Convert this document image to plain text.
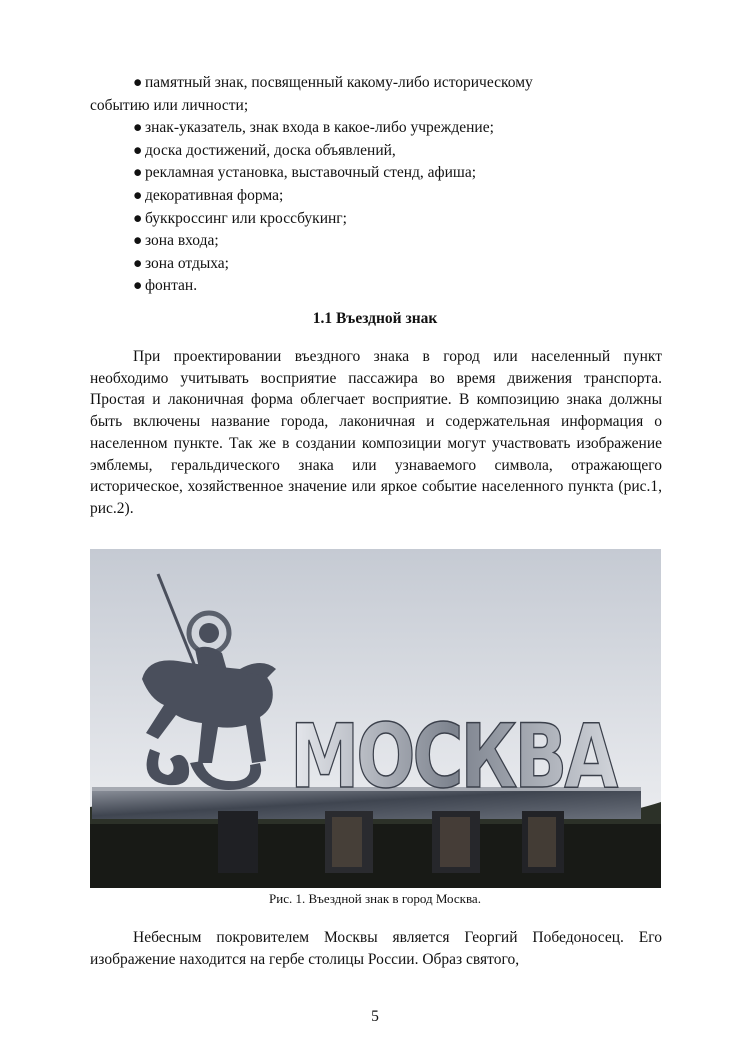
● памятный знак, посвященный какому-либо историческому
событию или личности;
● знак-указатель, знак входа в какое-либо учреждение;
● доска достижений, доска объявлений,
● рекламная установка, выставочный стенд, афиша;
● декоративная форма;
● буккроссинг или кроссбукинг;
● зона входа;
● зона отдыха;
● фонтан.
1.1 Въездной знак

При проектировании въездного знака в город или населенный пункт необходимо учитывать восприятие пассажира во время движения транспорта. Простая и лаконичная форма облегчает восприятие. В композицию знака должны быть включены название города, лаконичная и содержательная информация о населенном пункте. Так же в создании композиции могут участвовать изображение эмблемы, геральдического знака или узнаваемого символа, отражающего историческое, хозяйственное значение или яркое событие населенного пункта (рис.1, рис.2).

МОСКВА

Рис. 1. Въездной знак в город Москва.

Небесным покровителем Москвы является Георгий Победоносец. Его изображение находится на гербе столицы России. Образ святого,

5
